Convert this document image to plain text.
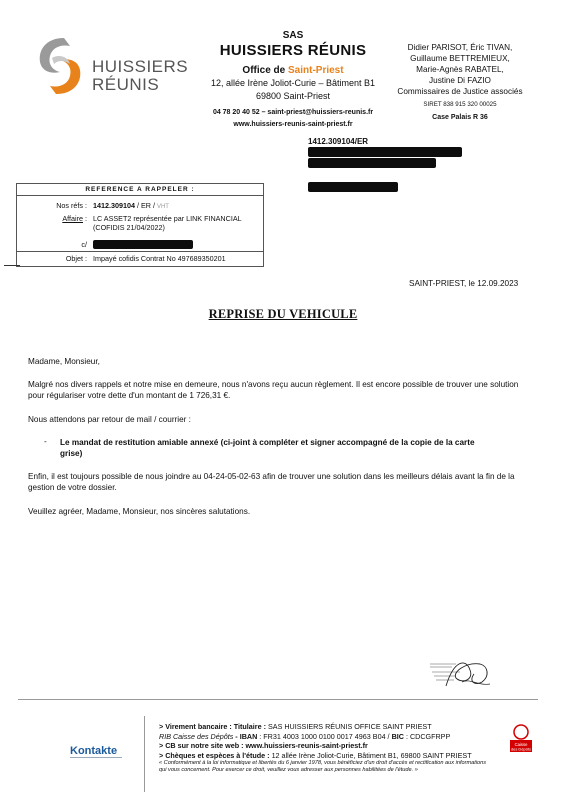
HUISSIERS
RÉUNIS
SAS
HUISSIERS RÉUNIS
Office de Saint-Priest
12, allée Irène Joliot-Curie – Bâtiment B1
69800 Saint-Priest
04 78 20 40 52 – saint-priest@huissiers-reunis.fr
www.huissiers-reunis-saint-priest.fr
Didier PARISOT, Éric TIVAN,
Guillaume BETTREMIEUX,
Marie-Agnès RABATEL,
Justine Di FAZIO
Commissaires de Justice associés
SIRET 838 915 320 00025
Case Palais R 36
1412.309104/ER
REFERENCE A RAPPELER :
Nos réfs : 1412.309104 / ER / VHT
Affaire : LC ASSET2 représentée par LINK FINANCIAL
(COFIDIS 21/04/2022)
c/
Objet : Impayé cofidis Contrat No 497689350201
SAINT-PRIEST, le 12.09.2023
REPRISE DU VEHICULE
Madame, Monsieur,
Malgré nos divers rappels et notre mise en demeure, nous n'avons reçu aucun règlement. Il est encore possible de trouver une solution
pour régulariser votre dette d'un montant de 1 726,31 €.
Nous attendons par retour de mail / courrier :
- Le mandat de restitution amiable annexé (ci-joint à compléter et signer accompagné de la copie de la carte
grise)
Enfin, il est toujours possible de nous joindre au 04-24-05-02-63 afin de trouver une solution dans les meilleurs délais avant la fin de la
gestion de votre dossier.
Veuillez agréer, Madame, Monsieur, nos sincères salutations.
Kontakte
> Virement bancaire : Titulaire : SAS HUISSIERS RÉUNIS OFFICE SAINT PRIEST
RIB Caisse des Dépôts - IBAN : FR31 4003 1000 0100 0017 4963 B04 / BIC : CDCGFRPP
> CB sur notre site web : www.huissiers-reunis-saint-priest.fr
> Chèques et espèces à l'étude : 12 allée Irène Joliot-Curie, Bâtiment B1, 69800 SAINT PRIEST
« Conformément à la loi informatique et libertés du 6 janvier 1978, vous bénéficiez d'un droit d'accès et rectification aux informations
qui vous concernent. Pour exercer ce droit, veuillez vous adresser aux personnes habilitées de l'étude. »
Caisse
des Dépôts
